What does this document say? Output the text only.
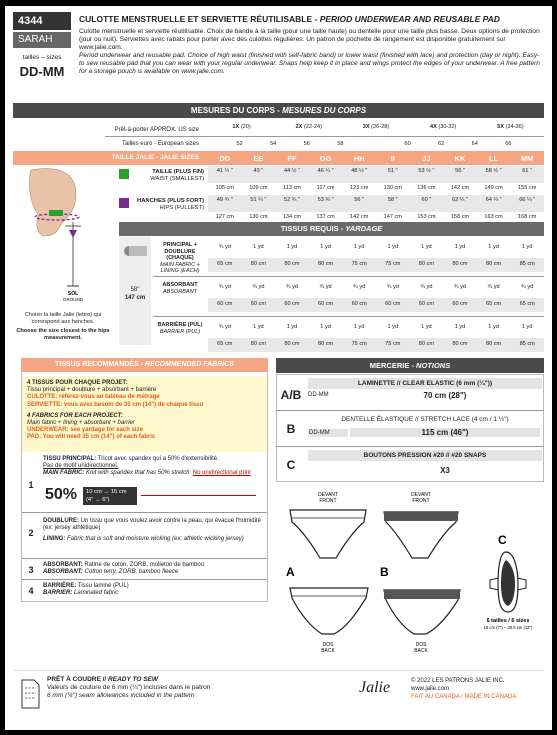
4344
SARAH
tailles – sizes
DD-MM
CULOTTE MENSTRUELLE ET SERVIETTE RÉUTILISABLE - PERIOD UNDERWEAR AND REUSABLE PAD

Culotte menstruelle et serviette réutilisable. Choix de bande à la taille (pour une taille haute) ou dentelle pour une taille plus basse. Deux options de protection (jour ou nuit). Serviettes avec rabats pour porter avec des culottes régulières. Un patron de pochette de rangement est disponible gratuitement sur www.jalie.com.

Period underwear and reusable pad. Choice of high waist (finished with self-fabric band) or lower waist (finished with lace) and protection (day or night). Easy-to sew reusable pad that you can wear with your regular underwear. Snaps help keep it in place and wings protect the edges of your underwear. A free pattern for a storage pouch is available on www.jalie.com.

MESURES DU CORPS - MESURES DU CORPS
Prêt-à-porter APPROX. US size
Tailles euro - European sizes
TAILLE JALIE - JALIE SIZES
SOL
GROUND
TAILLE (PLUS FIN)
WAIST (SMALLEST)
HANCHES (PLUS FORT)
HIPS (FULLEST)
TISSUS REQUIS - YARDAGE
58"
147 cm
Choisir la taille Jalie (lettre) qui correspond aux hanches.
Choose the size closest to the hips measurement.
TISSUS RECOMMANDÉS - RECOMMENDED FABRICS
4 TISSUS POUR CHAQUE PROJET:
Tissu principal + doublure + absorbant + barrière
CULOTTE: référez-vous au tableau de métrage
SERVIETTE: vous avez besoin de 35 cm (14") de chaque tissu
4 FABRICS FOR EACH PROJECT:
Main fabric + lining + absorbant + barrier
UNDERWEAR: see yardage for each size
PAD: You will need 35 cm (14") of each fabric
1
TISSU PRINCIPAL: Tricot avec spandex qui a 50% d'extensibilité.
Pas de motif unidirectionnel.
MAIN FABRIC: Knit with spandex that has 50% stretch. No unidirectional print
50%	10 cm → 15 cm
(4" → 6")
2
DOUBLURE: Un tissu que vous voulez avoir contre la peau, qui évacue l'humidité (ex: jersey athlétique)
LINING: Fabric that is soft and moisture wicking (ex: athletic wicking jersey)
3	ABSORBANT: Ratine de coton, ZORB, molleton de bambou
ABSORBANT: Cotton terry, ZORB, bamboo fleece
4	BARRIÈRE: Tissu laminé (PUL)
BARRIER: Laminated fabric
MERCERIE - NOTIONS
A/B
LAMINETTE // CLEAR ELASTIC (6 mm (¼"))
DD-MM	70 cm (28")
B
DENTELLE ÉLASTIQUE // STRETCH LACE (4 cm / 1 ½")
DD-MM	115 cm (46")
C
BOUTONS PRESSION #20 // #20 SNAPS
X3
DEVANT
FRONT
DEVANT
FRONT
A	B
C
DOS
BACK
DOS
BACK
6 tailles / 6 sizes
18 cm (7") – 30.5 cm (12")
PRÊT À COUDRE // READY TO SEW
Valeurs de couture de 6 mm (¼") incluses dans le patron
6 mm (¼") seam allowances included in the pattern	Jalie	© 2022 LES PATRONS JALIE INC.
www.jalie.com
FAIT AU CANADA / MADE IN CANADA
1X (20)	2X (22-24)	3X (26-28)	4X (30-32)	5X (34-36)
52	54	56	58	60	62	64	66
DD	EE	FF	GG	HH	II	JJ	KK	LL	MM
41 ¼ "	43 "	44 ½ "	46 ¼ "	48 ½ "	51 "	53 ½ "	56 "	58 ½ "	61 "
105 cm	109 cm	113 cm	117 cm	123 cm	130 cm	136 cm	142 cm	149 cm	155 cm
49 ¾ "	51 ¼ "	52 ¾ "	53 ¾ "	56 "	58 "	60 "	62 ¼ "	64 ¼ "	66 ¼ "
127 cm	130 cm	134 cm	137 cm	142 cm	147 cm	153 cm	158 cm	163 cm	168 cm
PRINCIPAL + DOUBLURE (CHAQUE)
MAIN FABRIC + LINING (EACH)
¾ yd	1 yd	1 yd	1 yd	1 yd	1 yd	1 yd	1 yd	1 yd	1 yd
65 cm	80 cm	80 cm	80 cm	75 cm	75 cm	80 cm	80 cm	80 cm	85 cm
ABSORBANT
ABSORBANT
¾ yd	¾ yd	¾ yd	¾ yd	¾ yd	¾ yd	¾ yd	¾ yd	¾ yd	¾ yd
60 cm	60 cm	60 cm	60 cm	60 cm	60 cm	60 cm	60 cm	65 cm	65 cm
BARRIÈRE (PUL)
BARRIER (PUL)
¾ yd	1 yd	1 yd	1 yd	1 yd	1 yd	1 yd	1 yd	1 yd	1 yd
65 cm	80 cm	80 cm	80 cm	75 cm	75 cm	80 cm	80 cm	80 cm	85 cm
